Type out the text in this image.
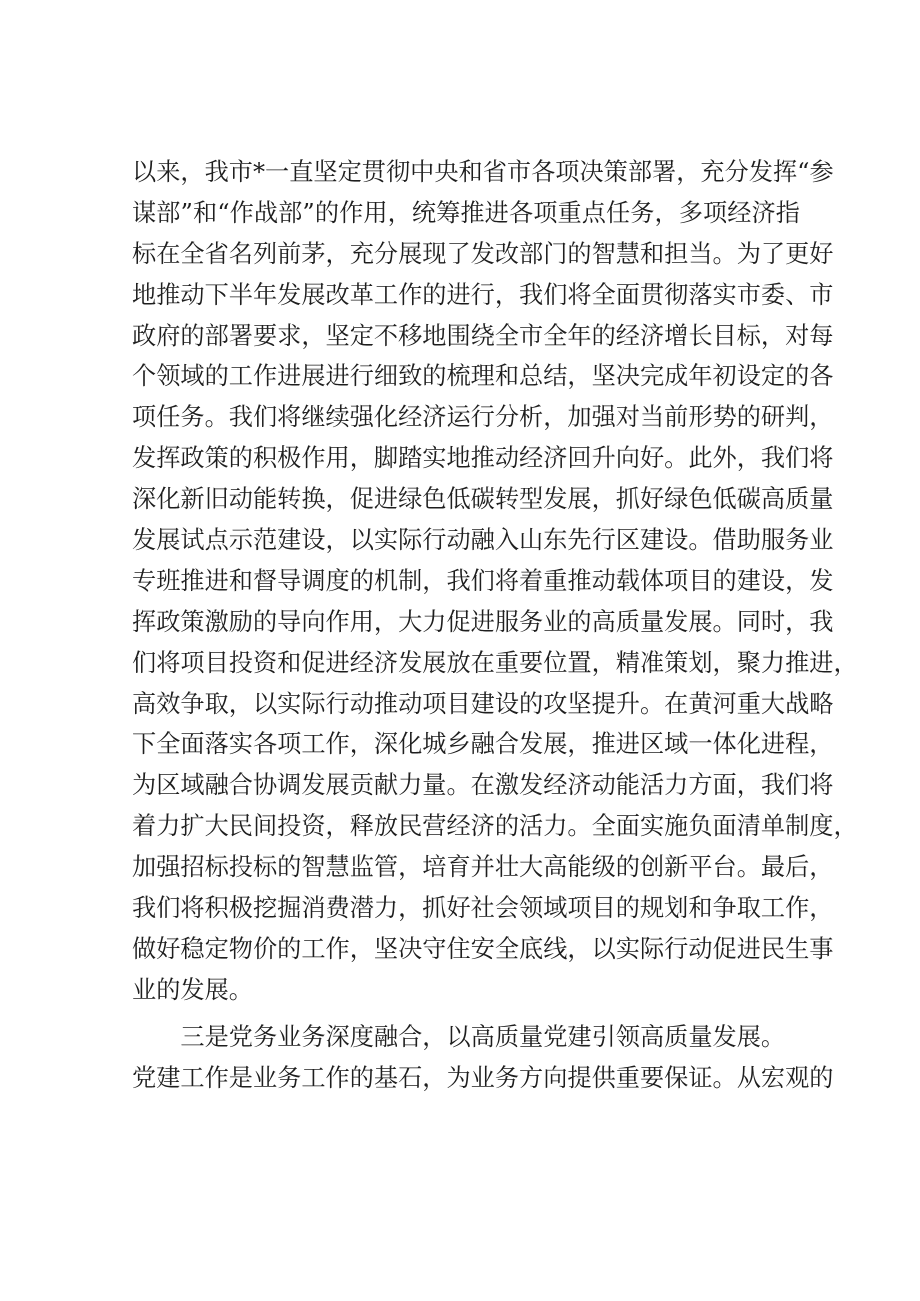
以来，我市*一直坚定贯彻中央和省市各项决策部署，充分发挥“参
谋部”和“作战部”的作用，统筹推进各项重点任务，多项经济指
标在全省名列前茅，充分展现了发改部门的智慧和担当。为了更好
地推动下半年发展改革工作的进行，我们将全面贯彻落实市委、市
政府的部署要求，坚定不移地围绕全市全年的经济增长目标，对每
个领域的工作进展进行细致的梳理和总结，坚决完成年初设定的各
项任务。我们将继续强化经济运行分析，加强对当前形势的研判，
发挥政策的积极作用，脚踏实地推动经济回升向好。此外，我们将
深化新旧动能转换，促进绿色低碳转型发展，抓好绿色低碳高质量
发展试点示范建设，以实际行动融入山东先行区建设。借助服务业
专班推进和督导调度的机制，我们将着重推动载体项目的建设，发
挥政策激励的导向作用，大力促进服务业的高质量发展。同时，我
们将项目投资和促进经济发展放在重要位置，精准策划，聚力推进，
高效争取，以实际行动推动项目建设的攻坚提升。在黄河重大战略
下全面落实各项工作，深化城乡融合发展，推进区域一体化进程，
为区域融合协调发展贡献力量。在激发经济动能活力方面，我们将
着力扩大民间投资，释放民营经济的活力。全面实施负面清单制度，
加强招标投标的智慧监管，培育并壮大高能级的创新平台。最后，
我们将积极挖掘消费潜力，抓好社会领域项目的规划和争取工作，
做好稳定物价的工作，坚决守住安全底线，以实际行动促进民生事
业的发展。
　　三是党务业务深度融合，以高质量党建引领高质量发展。
党建工作是业务工作的基石，为业务方向提供重要保证。从宏观的
